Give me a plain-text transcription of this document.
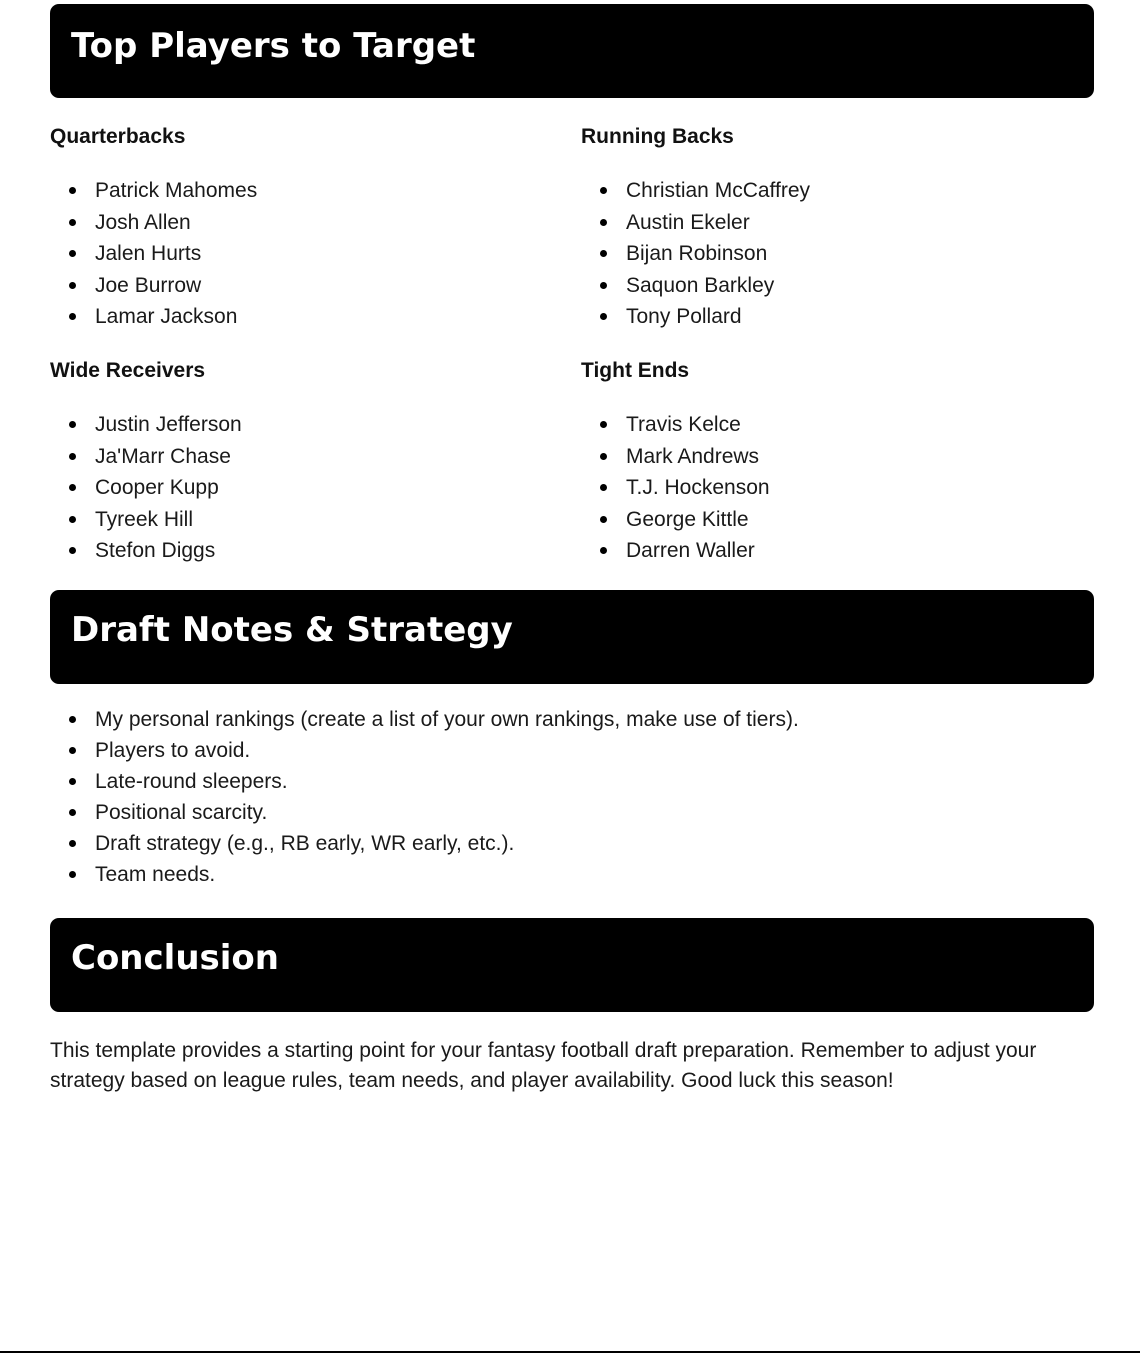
Top Players to Target
Quarterbacks
Patrick Mahomes
Josh Allen
Jalen Hurts
Joe Burrow
Lamar Jackson
Running Backs
Christian McCaffrey
Austin Ekeler
Bijan Robinson
Saquon Barkley
Tony Pollard
Wide Receivers
Justin Jefferson
Ja'Marr Chase
Cooper Kupp
Tyreek Hill
Stefon Diggs
Tight Ends
Travis Kelce
Mark Andrews
T.J. Hockenson
George Kittle
Darren Waller
Draft Notes & Strategy
My personal rankings (create a list of your own rankings, make use of tiers).
Players to avoid.
Late-round sleepers.
Positional scarcity.
Draft strategy (e.g., RB early, WR early, etc.).
Team needs.
Conclusion

This template provides a starting point for your fantasy football draft preparation. Remember to adjust your strategy based on league rules, team needs, and player availability. Good luck this season!
